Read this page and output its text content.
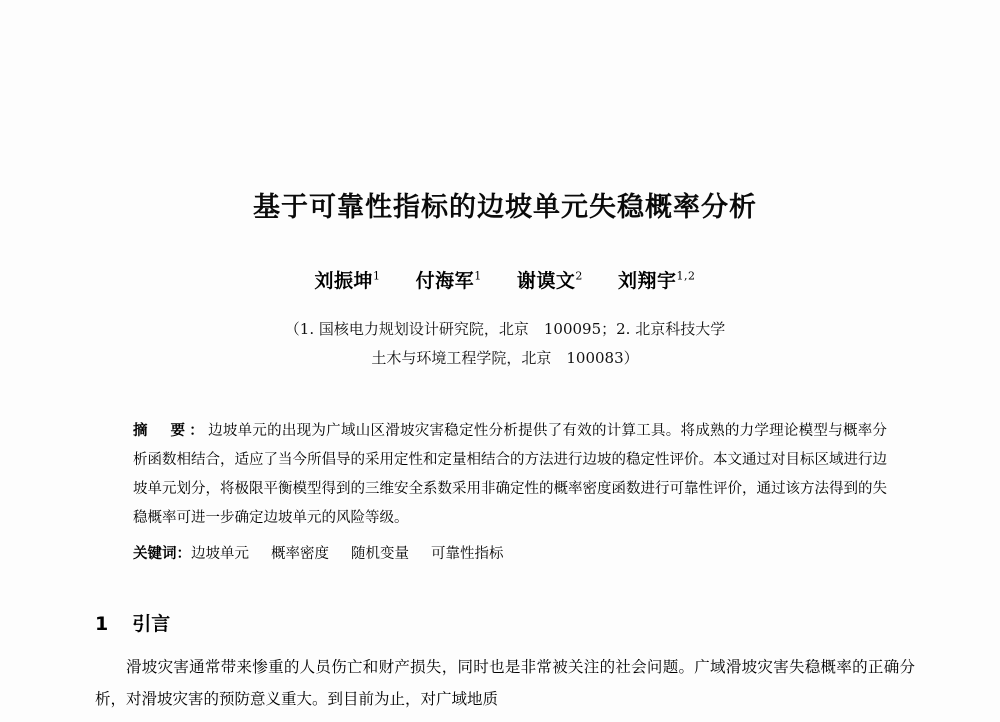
基于可靠性指标的边坡单元失稳概率分析
刘振坤$^1$ 付海军$^1$ 谢谟文$^2$ 刘翔宇$^{1,2}$
（1. 国核电力规划设计研究院，北京　100095；2. 北京科技大学
土木与环境工程学院，北京　100083）

摘　要：边坡单元的出现为广域山区滑坡灾害稳定性分析提供了有效的计算工具。将成熟的力学理论模型与概率分析函数相结合，适应了当今所倡导的采用定性和定量相结合的方法进行边坡的稳定性评价。本文通过对目标区域进行边坡单元划分，将极限平衡模型得到的三维安全系数采用非确定性的概率密度函数进行可靠性评价，通过该方法得到的失稳概率可进一步确定边坡单元的风险等级。

关键词：边坡单元 概率密度 随机变量 可靠性指标
1 引言
滑坡灾害通常带来惨重的人员伤亡和财产损失，同时也是非常被关注的社会问题。广域滑坡灾害失稳概率的正确分析，对滑坡灾害的预防意义重大。到目前为止，对广域地质
